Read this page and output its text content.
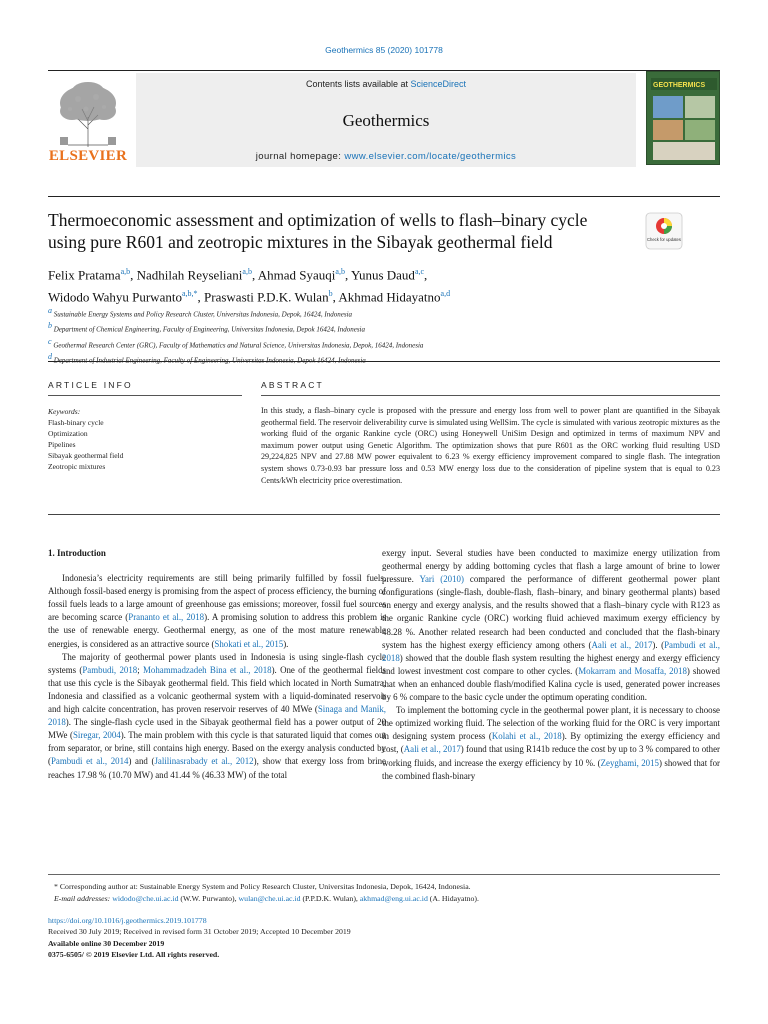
Geothermics 85 (2020) 101778
ELSEVIER
Contents lists available at ScienceDirect
Geothermics
journal homepage: www.elsevier.com/locate/geothermics
GEOTHERMICS
Thermoeconomic assessment and optimization of wells to flash–binary cycle
using pure R601 and zeotropic mixtures in the Sibayak geothermal field	Check for updates
Felix Pratama$^{a,b}$, Nadhilah Reyseliani$^{a,b}$, Ahmad Syauqi$^{a,b}$, Yunus Daud$^{a,c}$,
Widodo Wahyu Purwanto$^{a,b,*}$, Praswasti P.D.K. Wulan$^b$, Akhmad Hidayatno$^{a,d}$
$^a$ Sustainable Energy Systems and Policy Research Cluster, Universitas Indonesia, Depok, 16424, Indonesia
$^b$ Department of Chemical Engineering, Faculty of Engineering, Universitas Indonesia, Depok 16424, Indonesia
$^c$ Geothermal Research Center (GRC), Faculty of Mathematics and Natural Science, Universitas Indonesia, Depok, 16424, Indonesia
$^d$ Department of Industrial Engineering, Faculty of Engineering, Universitas Indonesia, Depok 16424, Indonesia
ARTICLE INFO	ABSTRACT
Keywords:
Flash-binary cycle
Optimization
Pipelines
Sibayak geothermal field
Zeotropic mixtures
In this study, a flash–binary cycle is proposed with the pressure and energy loss from well to power plant are quantified in the Sibayak geothermal field. The reservoir deliverability curve is simulated using WellSim. The cycle is simulated with various zeotropic mixtures as the working fluid of the organic Rankine cycle (ORC) using Honeywell UniSim Design and optimized in terms of maximum NPV and maximum power output using Genetic Algorithm. The optimization shows that pure R601 as the ORC working fluid resulting USD 29,224,825 NPV and 27.88 MW power equivalent to 6.23 % exergy efficiency improvement compared to single flash. The integration system shows 0.73-0.93 bar pressure loss and 0.53 MW energy loss due to the consideration of pipeline system that is equal to 0.23 Cents/kWh electricity price overestimation.
1. Introduction

Indonesia’s electricity requirements are still being primarily fulfilled by fossil fuels. Although fossil-based energy is promising from the aspect of process efficiency, the burning of fossil fuels leads to a large amount of greenhouse gas emissions; moreover, fossil fuel sources are becoming scarce (Prananto et al., 2018). A promising solution to address this problem is the use of renewable energy. Geothermal energy, as one of the most mature renewable energies, is considered as an attractive source (Shokati et al., 2015).

The majority of geothermal power plants used in Indonesia is using single-flash cycle systems (Pambudi, 2018; Mohammadzadeh Bina et al., 2018). One of the geothermal fields that use this cycle is the Sibayak geothermal field. This field which located in North Sumatra, Indonesia and classified as a volcanic geothermal system with a liquid-dominated reservoir and high calcite concentration, has proven reservoir reserves of 40 MWe (Sinaga and Manik, 2018). The single-flash cycle used in the Sibayak geothermal field has a power output of 20 MWe (Siregar, 2004). The main problem with this cycle is that saturated liquid that comes out from separator, or brine, still contains high energy. Based on the exergy analysis conducted by (Pambudi et al., 2014) and (Jalilinasrabady et al., 2012), show that exergy loss from brine reaches 17.98 % (10.70 MW) and 41.44 % (46.33 MW) of the total

exergy input. Several studies have been conducted to maximize energy utilization from geothermal energy by adding bottoming cycles that flash a large amount of brine to lower pressure. Yari (2010) compared the performance of different geothermal power plant configurations (single-flash, double-flash, flash–binary, and binary geothermal plants) based on energy and exergy analysis, and the results showed that a flash–binary cycle with R123 as the organic Rankine cycle (ORC) working fluid achieved maximum exergy efficiency by 48.28 %. Another related research had been conducted and concluded that the flash-binary system has the highest exergy efficiency among others (Aali et al., 2017). (Pambudi et al., 2018) showed that the double flash system resulting the highest energy and exergy efficiency and lowest investment cost compare to other cycles. (Mokarram and Mosaffa, 2018) showed that when an enhanced double flash/modified Kalina cycle is used, generated power increases by 6 % compare to the basic cycle under the optimum operating condition.

To implement the bottoming cycle in the geothermal power plant, it is necessary to choose the optimized working fluid. The selection of the working fluid for the ORC is very important in designing system process (Kolahi et al., 2018). By optimizing the exergy efficiency and cost, (Aali et al., 2017) found that using R141b reduce the cost by up to 3 % compared to other working fluids, and increase the exergy efficiency by 10 %. (Zeyghami, 2015) showed that for the combined flash-binary

* Corresponding author at: Sustainable Energy System and Policy Research Cluster, Universitas Indonesia, Depok, 16424, Indonesia.
E-mail addresses: widodo@che.ui.ac.id (W.W. Purwanto), wulan@che.ui.ac.id (P.P.D.K. Wulan), akhmad@eng.ui.ac.id (A. Hidayatno).
https://doi.org/10.1016/j.geothermics.2019.101778
Received 30 July 2019; Received in revised form 31 October 2019; Accepted 10 December 2019
Available online 30 December 2019
0375-6505/ © 2019 Elsevier Ltd. All rights reserved.
